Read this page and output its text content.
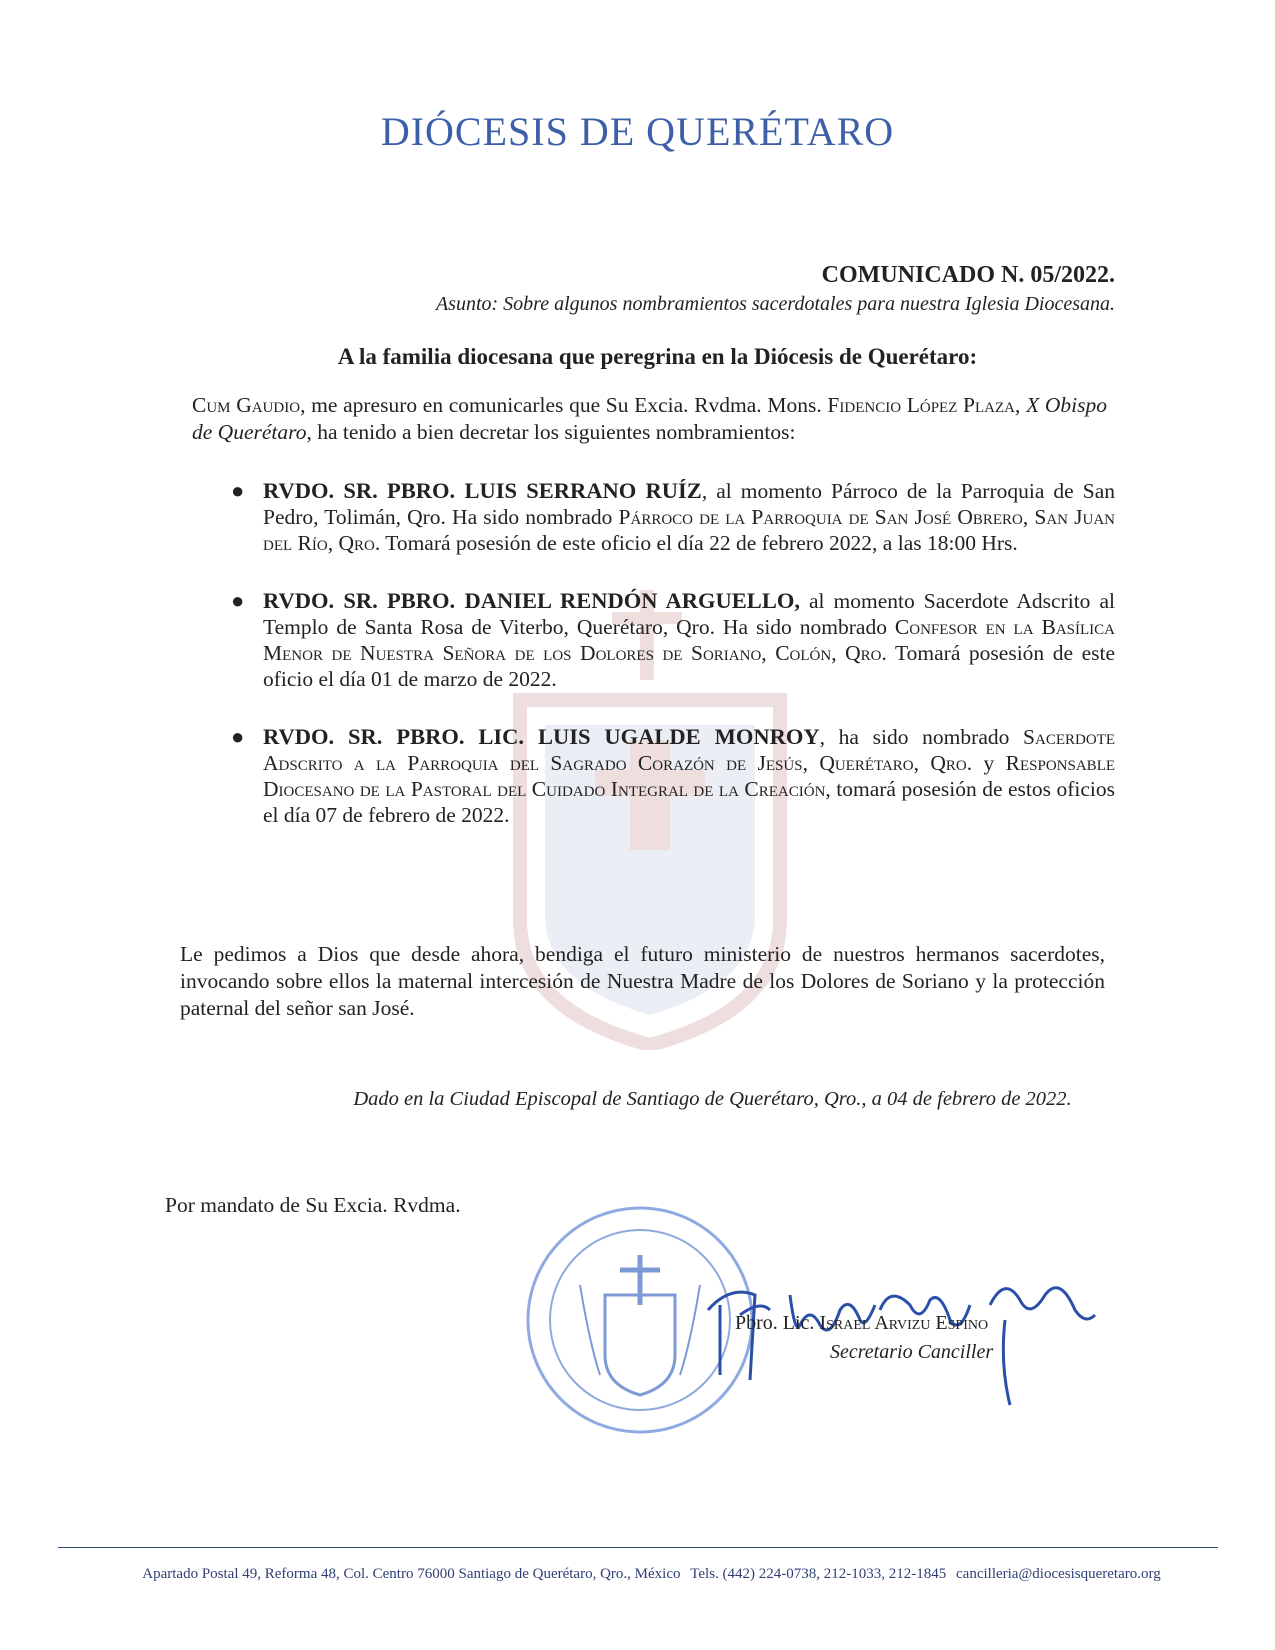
DIÓCESIS DE QUERÉTARO
COMUNICADO N. 05/2022.
Asunto: Sobre algunos nombramientos sacerdotales para nuestra Iglesia Diocesana.
A la familia diocesana que peregrina en la Diócesis de Querétaro:
Cum Gaudio, me apresuro en comunicarles que Su Excia. Rvdma. Mons. Fidencio López Plaza, X Obispo de Querétaro, ha tenido a bien decretar los siguientes nombramientos:
● RVDO. SR. PBRO. LUIS SERRANO RUÍZ, al momento Párroco de la Parroquia de San Pedro, Tolimán, Qro. Ha sido nombrado Párroco de la Parroquia de San José Obrero, San Juan del Río, Qro. Tomará posesión de este oficio el día 22 de febrero 2022, a las 18:00 Hrs.
● RVDO. SR. PBRO. DANIEL RENDÓN ARGUELLO, al momento Sacerdote Adscrito al Templo de Santa Rosa de Viterbo, Querétaro, Qro. Ha sido nombrado Confesor en la Basílica Menor de Nuestra Señora de los Dolores de Soriano, Colón, Qro. Tomará posesión de este oficio el día 01 de marzo de 2022.
● RVDO. SR. PBRO. LIC. LUIS UGALDE MONROY, ha sido nombrado Sacerdote Adscrito a la Parroquia del Sagrado Corazón de Jesús, Querétaro, Qro. y Responsable Diocesano de la Pastoral del Cuidado Integral de la Creación, tomará posesión de estos oficios el día 07 de febrero de 2022.
Le pedimos a Dios que desde ahora, bendiga el futuro ministerio de nuestros hermanos sacerdotes, invocando sobre ellos la maternal intercesión de Nuestra Madre de los Dolores de Soriano y la protección paternal del señor san José.
Dado en la Ciudad Episcopal de Santiago de Querétaro, Qro., a 04 de febrero de 2022.
Por mandato de Su Excia. Rvdma.
Pbro. Lic. Israel Arvizu Espino
Secretario Canciller
Apartado Postal 49, Reforma 48, Col. Centro 76000 Santiago de Querétaro, Qro., México Tels. (442) 224-0738, 212-1033, 212-1845 cancilleria@diocesisqueretaro.org
